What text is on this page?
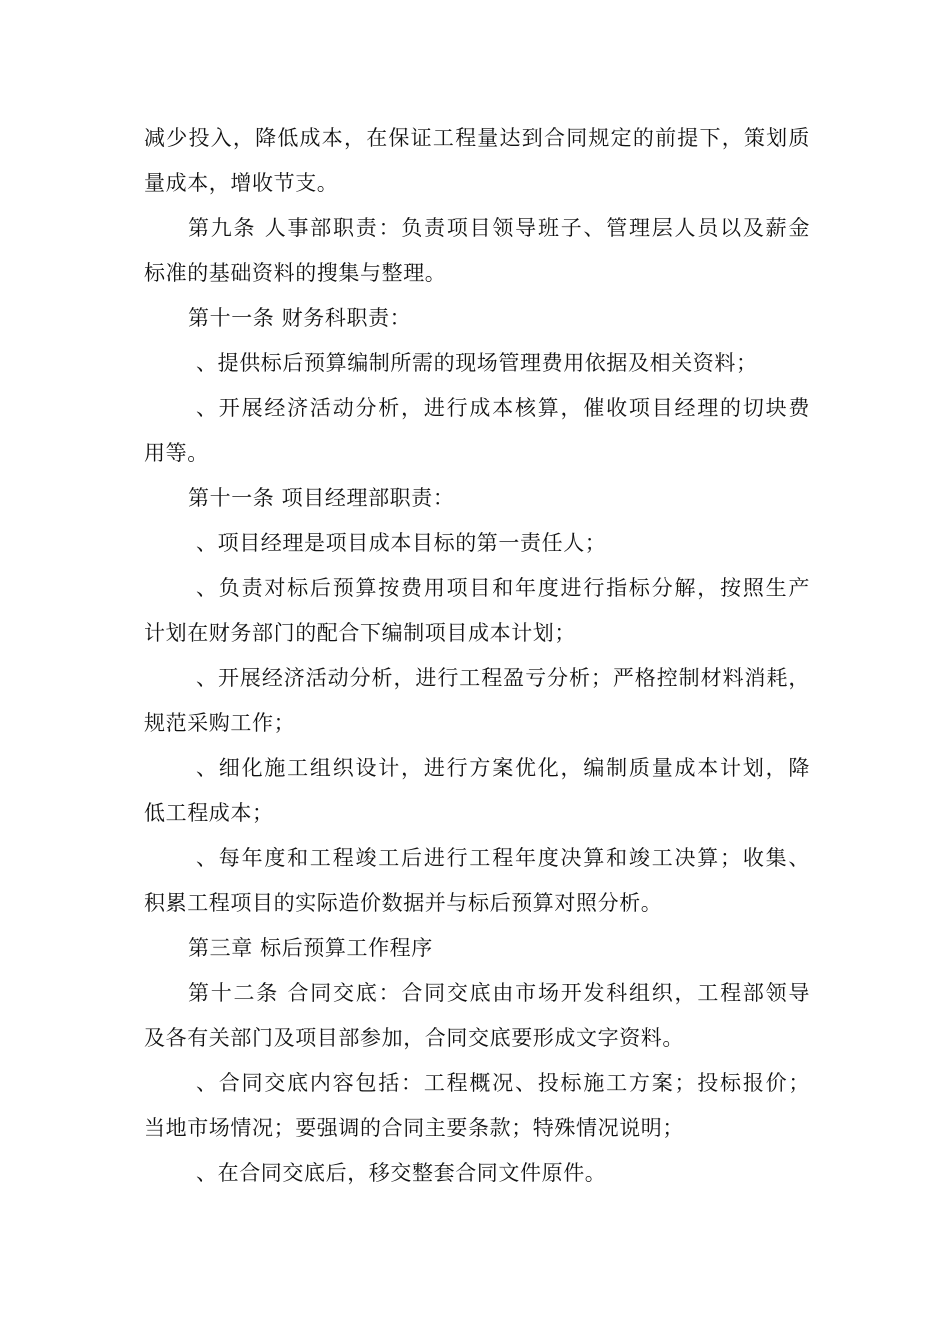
减少投入，降低成本，在保证工程量达到合同规定的前提下，策划质
量成本，增收节支。
第九条 人事部职责：负责项目领导班子、管理层人员以及薪金
标准的基础资料的搜集与整理。
第十一条 财务科职责：
、提供标后预算编制所需的现场管理费用依据及相关资料；
、开展经济活动分析，进行成本核算，催收项目经理的切块费
用等。
第十一条 项目经理部职责：
、项目经理是项目成本目标的第一责任人；
、负责对标后预算按费用项目和年度进行指标分解，按照生产
计划在财务部门的配合下编制项目成本计划；
、开展经济活动分析，进行工程盈亏分析；严格控制材料消耗，
规范采购工作；
、细化施工组织设计，进行方案优化，编制质量成本计划，降
低工程成本；
、每年度和工程竣工后进行工程年度决算和竣工决算；收集、
积累工程项目的实际造价数据并与标后预算对照分析。
第三章 标后预算工作程序
第十二条 合同交底：合同交底由市场开发科组织，工程部领导
及各有关部门及项目部参加，合同交底要形成文字资料。
、合同交底内容包括：工程概况、投标施工方案；投标报价；
当地市场情况；要强调的合同主要条款；特殊情况说明；
、在合同交底后，移交整套合同文件原件。
